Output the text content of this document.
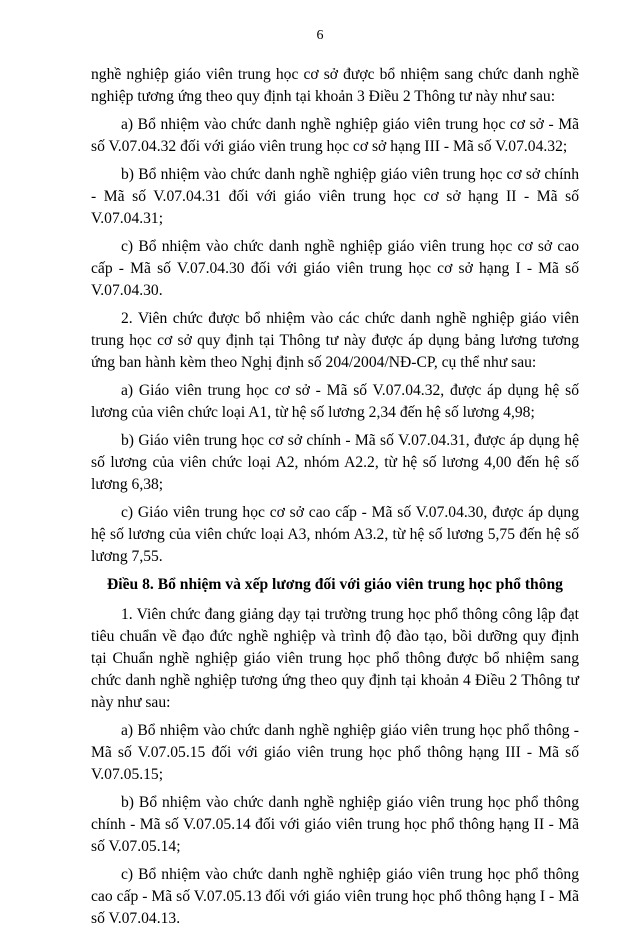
6

nghề nghiệp giáo viên trung học cơ sở được bổ nhiệm sang chức danh nghề nghiệp tương ứng theo quy định tại khoản 3 Điều 2 Thông tư này như sau:

a) Bổ nhiệm vào chức danh nghề nghiệp giáo viên trung học cơ sở - Mã số V.07.04.32 đối với giáo viên trung học cơ sở hạng III - Mã số V.07.04.32;

b) Bổ nhiệm vào chức danh nghề nghiệp giáo viên trung học cơ sở chính - Mã số V.07.04.31 đối với giáo viên trung học cơ sở hạng II - Mã số V.07.04.31;

c) Bổ nhiệm vào chức danh nghề nghiệp giáo viên trung học cơ sở cao cấp - Mã số V.07.04.30 đối với giáo viên trung học cơ sở hạng I - Mã số V.07.04.30.

2. Viên chức được bổ nhiệm vào các chức danh nghề nghiệp giáo viên trung học cơ sở quy định tại Thông tư này được áp dụng bảng lương tương ứng ban hành kèm theo Nghị định số 204/2004/NĐ-CP, cụ thể như sau:

a) Giáo viên trung học cơ sở - Mã số V.07.04.32, được áp dụng hệ số lương của viên chức loại A1, từ hệ số lương 2,34 đến hệ số lương 4,98;

b) Giáo viên trung học cơ sở chính - Mã số V.07.04.31, được áp dụng hệ số lương của viên chức loại A2, nhóm A2.2, từ hệ số lương 4,00 đến hệ số lương 6,38;

c) Giáo viên trung học cơ sở cao cấp - Mã số V.07.04.30, được áp dụng hệ số lương của viên chức loại A3, nhóm A3.2, từ hệ số lương 5,75 đến hệ số lương 7,55.

Điều 8. Bổ nhiệm và xếp lương đối với giáo viên trung học phổ thông

1. Viên chức đang giảng dạy tại trường trung học phổ thông công lập đạt tiêu chuẩn về đạo đức nghề nghiệp và trình độ đào tạo, bồi dưỡng quy định tại Chuẩn nghề nghiệp giáo viên trung học phổ thông được bổ nhiệm sang chức danh nghề nghiệp tương ứng theo quy định tại khoản 4 Điều 2 Thông tư này như sau:

a) Bổ nhiệm vào chức danh nghề nghiệp giáo viên trung học phổ thông - Mã số V.07.05.15 đối với giáo viên trung học phổ thông hạng III - Mã số V.07.05.15;

b) Bổ nhiệm vào chức danh nghề nghiệp giáo viên trung học phổ thông chính - Mã số V.07.05.14 đối với giáo viên trung học phổ thông hạng II - Mã số V.07.05.14;

c) Bổ nhiệm vào chức danh nghề nghiệp giáo viên trung học phổ thông cao cấp - Mã số V.07.05.13 đối với giáo viên trung học phổ thông hạng I - Mã số V.07.04.13.
